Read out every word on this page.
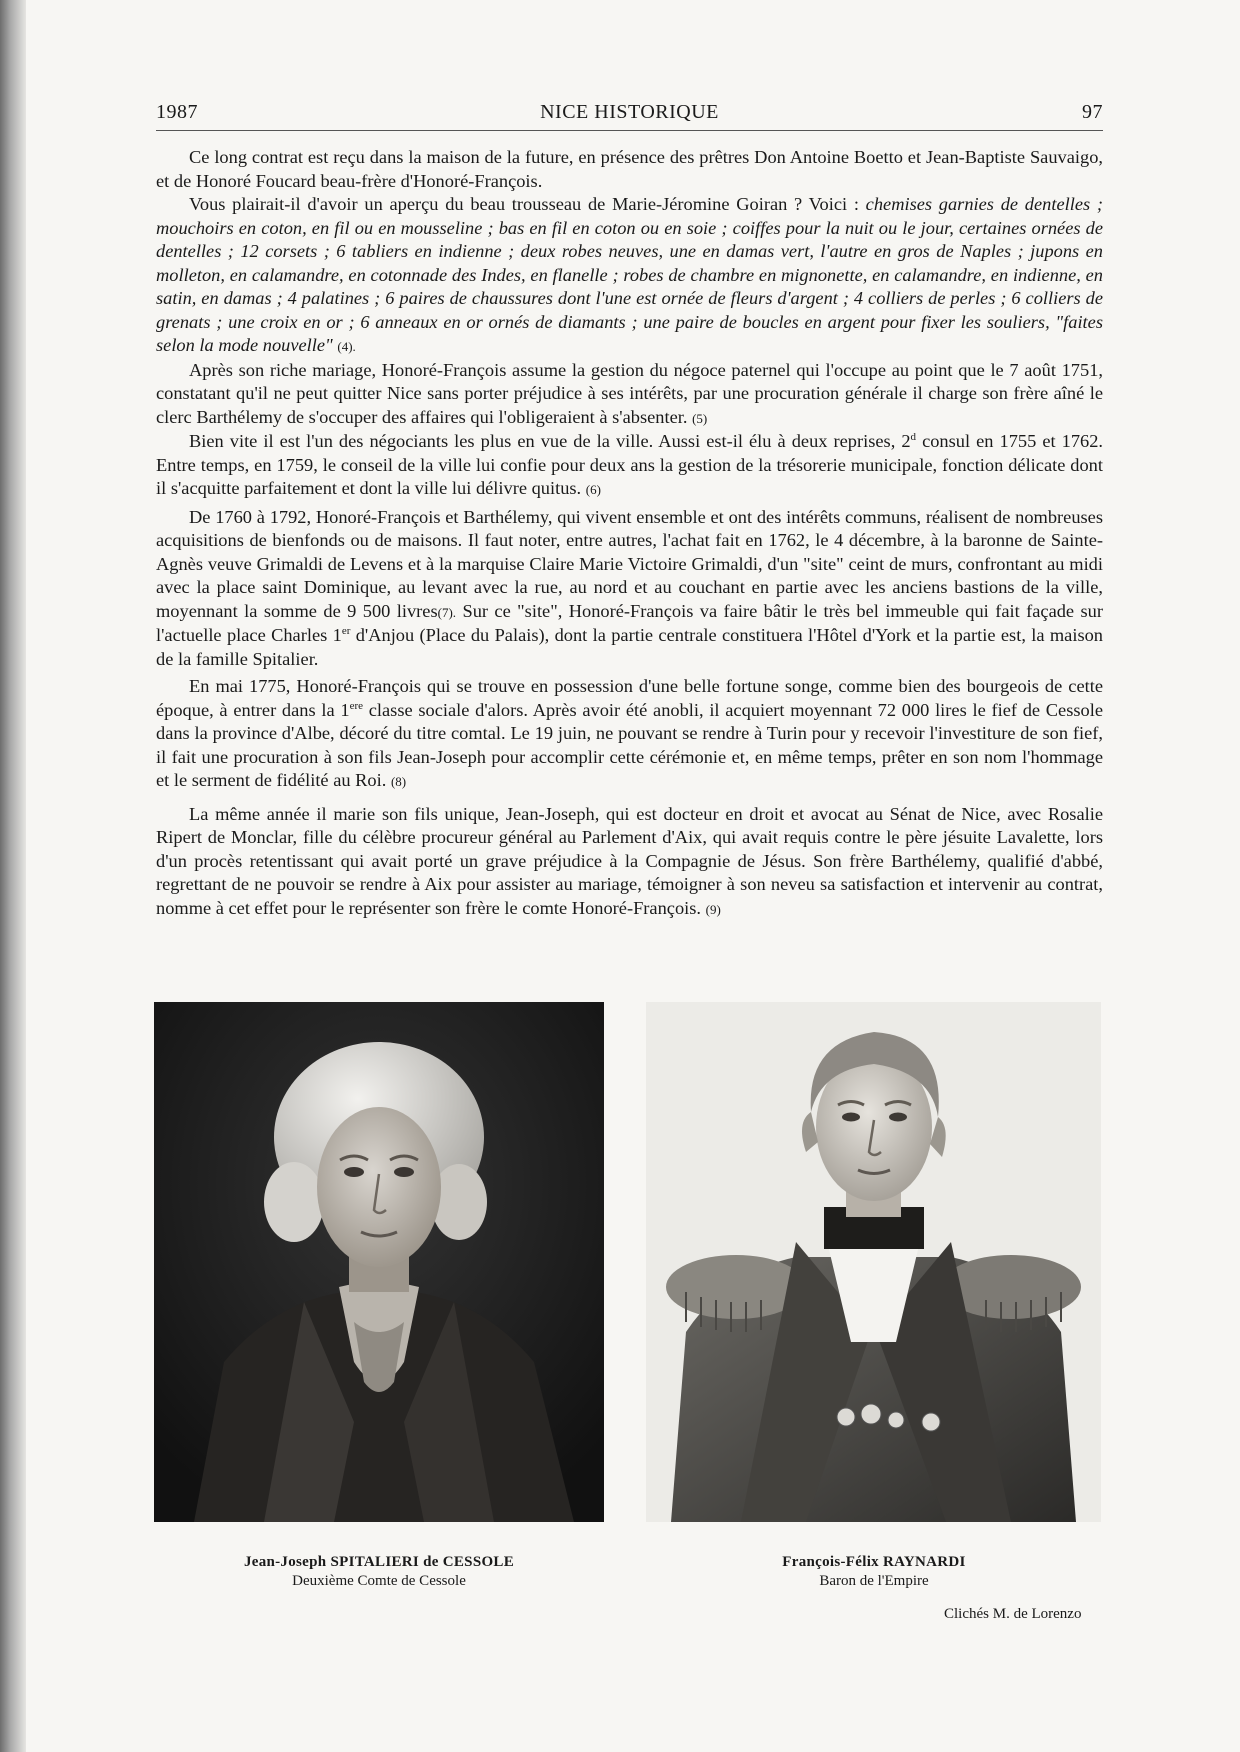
1987	NICE HISTORIQUE	97

Ce long contrat est reçu dans la maison de la future, en présence des prêtres Don Antoine Boetto et Jean-Baptiste Sauvaigo, et de Honoré Foucard beau-frère d'Honoré-François.

Vous plairait-il d'avoir un aperçu du beau trousseau de Marie-Jéromine Goiran ? Voici : chemises garnies de dentelles ; mouchoirs en coton, en fil ou en mousseline ; bas en fil en coton ou en soie ; coiffes pour la nuit ou le jour, certaines ornées de dentelles ; 12 corsets ; 6 tabliers en indienne ; deux robes neuves, une en damas vert, l'autre en gros de Naples ; jupons en molleton, en calamandre, en cotonnade des Indes, en flanelle ; robes de chambre en mignonette, en calamandre, en indienne, en satin, en damas ; 4 palatines ; 6 paires de chaussures dont l'une est ornée de fleurs d'argent ; 4 colliers de perles ; 6 colliers de grenats ; une croix en or ; 6 anneaux en or ornés de diamants ; une paire de boucles en argent pour fixer les souliers, "faites selon la mode nouvelle" (4).

Après son riche mariage, Honoré-François assume la gestion du négoce paternel qui l'occupe au point que le 7 août 1751, constatant qu'il ne peut quitter Nice sans porter préjudice à ses intérêts, par une procuration générale il charge son frère aîné le clerc Barthélemy de s'occuper des affaires qui l'obligeraient à s'absenter. (5)

Bien vite il est l'un des négociants les plus en vue de la ville. Aussi est-il élu à deux reprises, 2$^d$ consul en 1755 et 1762. Entre temps, en 1759, le conseil de la ville lui confie pour deux ans la gestion de la trésorerie municipale, fonction délicate dont il s'acquitte parfaitement et dont la ville lui délivre quitus. (6)

De 1760 à 1792, Honoré-François et Barthélemy, qui vivent ensemble et ont des intérêts communs, réalisent de nombreuses acquisitions de bienfonds ou de maisons. Il faut noter, entre autres, l'achat fait en 1762, le 4 décembre, à la baronne de Sainte-Agnès veuve Grimaldi de Levens et à la marquise Claire Marie Victoire Grimaldi, d'un "site" ceint de murs, confrontant au midi avec la place saint Dominique, au levant avec la rue, au nord et au couchant en partie avec les anciens bastions de la ville, moyennant la somme de 9 500 livres(7). Sur ce "site", Honoré-François va faire bâtir le très bel immeuble qui fait façade sur l'actuelle place Charles 1er d'Anjou (Place du Palais), dont la partie centrale constituera l'Hôtel d'York et la partie est, la maison de la famille Spitalier.

En mai 1775, Honoré-François qui se trouve en possession d'une belle fortune songe, comme bien des bourgeois de cette époque, à entrer dans la 1ere classe sociale d'alors. Après avoir été anobli, il acquiert moyennant 72 000 lires le fief de Cessole dans la province d'Albe, décoré du titre comtal. Le 19 juin, ne pouvant se rendre à Turin pour y recevoir l'investiture de son fief, il fait une procuration à son fils Jean-Joseph pour accomplir cette cérémonie et, en même temps, prêter en son nom l'hommage et le serment de fidélité au Roi. (8)

La même année il marie son fils unique, Jean-Joseph, qui est docteur en droit et avocat au Sénat de Nice, avec Rosalie Ripert de Monclar, fille du célèbre procureur général au Parlement d'Aix, qui avait requis contre le père jésuite Lavalette, lors d'un procès retentissant qui avait porté un grave préjudice à la Compagnie de Jésus. Son frère Barthélemy, qualifié d'abbé, regrettant de ne pouvoir se rendre à Aix pour assister au mariage, témoigner à son neveu sa satisfaction et intervenir au contrat, nomme à cet effet pour le représenter son frère le comte Honoré-François. (9)

Jean-Joseph SPITALIERI de CESSOLE
Deuxième Comte de Cessole
François-Félix RAYNARDI
Baron de l'Empire
Clichés M. de Lorenzo
